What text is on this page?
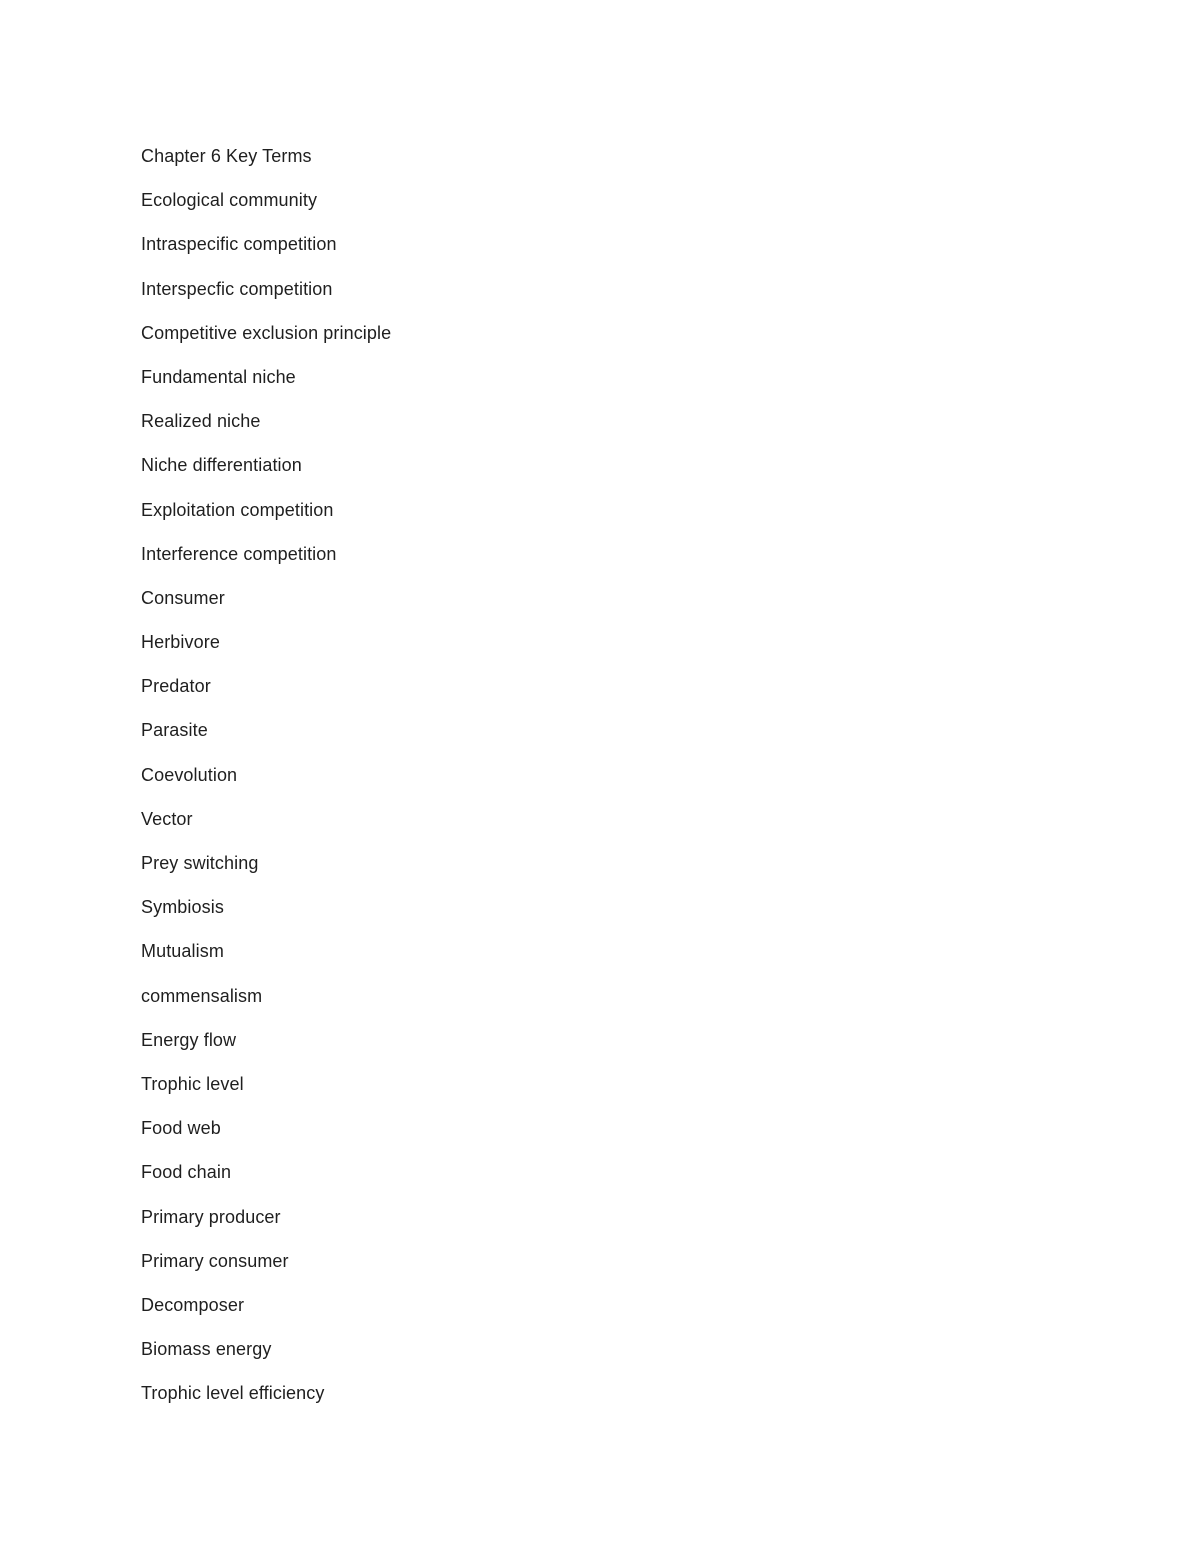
Chapter 6 Key Terms
Ecological community
Intraspecific competition
Interspecfic competition
Competitive exclusion principle
Fundamental niche
Realized niche
Niche differentiation
Exploitation competition
Interference competition
Consumer
Herbivore
Predator
Parasite
Coevolution
Vector
Prey switching
Symbiosis
Mutualism
commensalism
Energy flow
Trophic level
Food web
Food chain
Primary producer
Primary consumer
Decomposer
Biomass energy
Trophic level efficiency
